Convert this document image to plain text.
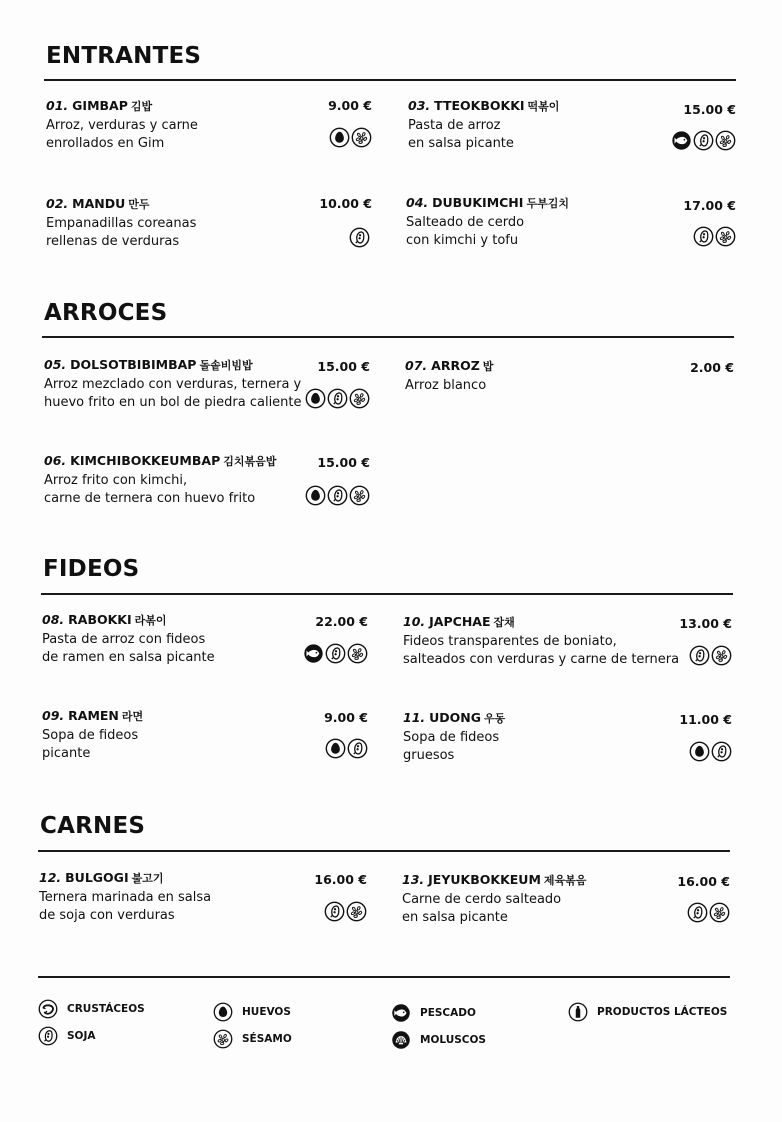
ENTRANTES
01. GIMBAP 김밥
Arroz, verduras y carne
enrollados en Gim
9.00 €	03. TTEOKBOKKI 떡볶이
Pasta de arroz
en salsa picante
15.00 €
02. MANDU 만두
Empanadillas coreanas
rellenas de verduras
10.00 €	04. DUBUKIMCHI 두부김치
Salteado de cerdo
con kimchi y tofu
17.00 €
ARROCES
05. DOLSOTBIBIMBAP 돌솥비빔밥
Arroz mezclado con verduras, ternera y
huevo frito en un bol de piedra caliente
15.00 €	07. ARROZ 밥
Arroz blanco
2.00 €
06. KIMCHIBOKKEUMBAP 김치볶음밥
Arroz frito con kimchi,
carne de ternera con huevo frito
15.00 €
FIDEOS
08. RABOKKI 라볶이
Pasta de arroz con fideos
de ramen en salsa picante
22.00 €	10. JAPCHAE 잡채
Fideos transparentes de boniato,
salteados con verduras y carne de ternera
13.00 €
09. RAMEN 라면
Sopa de fideos
picante
9.00 €	11. UDONG 우동
Sopa de fideos
gruesos
11.00 €
CARNES
12. BULGOGI 불고기
Ternera marinada en salsa
de soja con verduras
16.00 €	13. JEYUKBOKKEUM 제육볶음
Carne de cerdo salteado
en salsa picante
16.00 €
CRUSTÁCEOS	HUEVOS	PESCADO	PRODUCTOS LÁCTEOS
SOJA	SÉSAMO	MOLUSCOS
